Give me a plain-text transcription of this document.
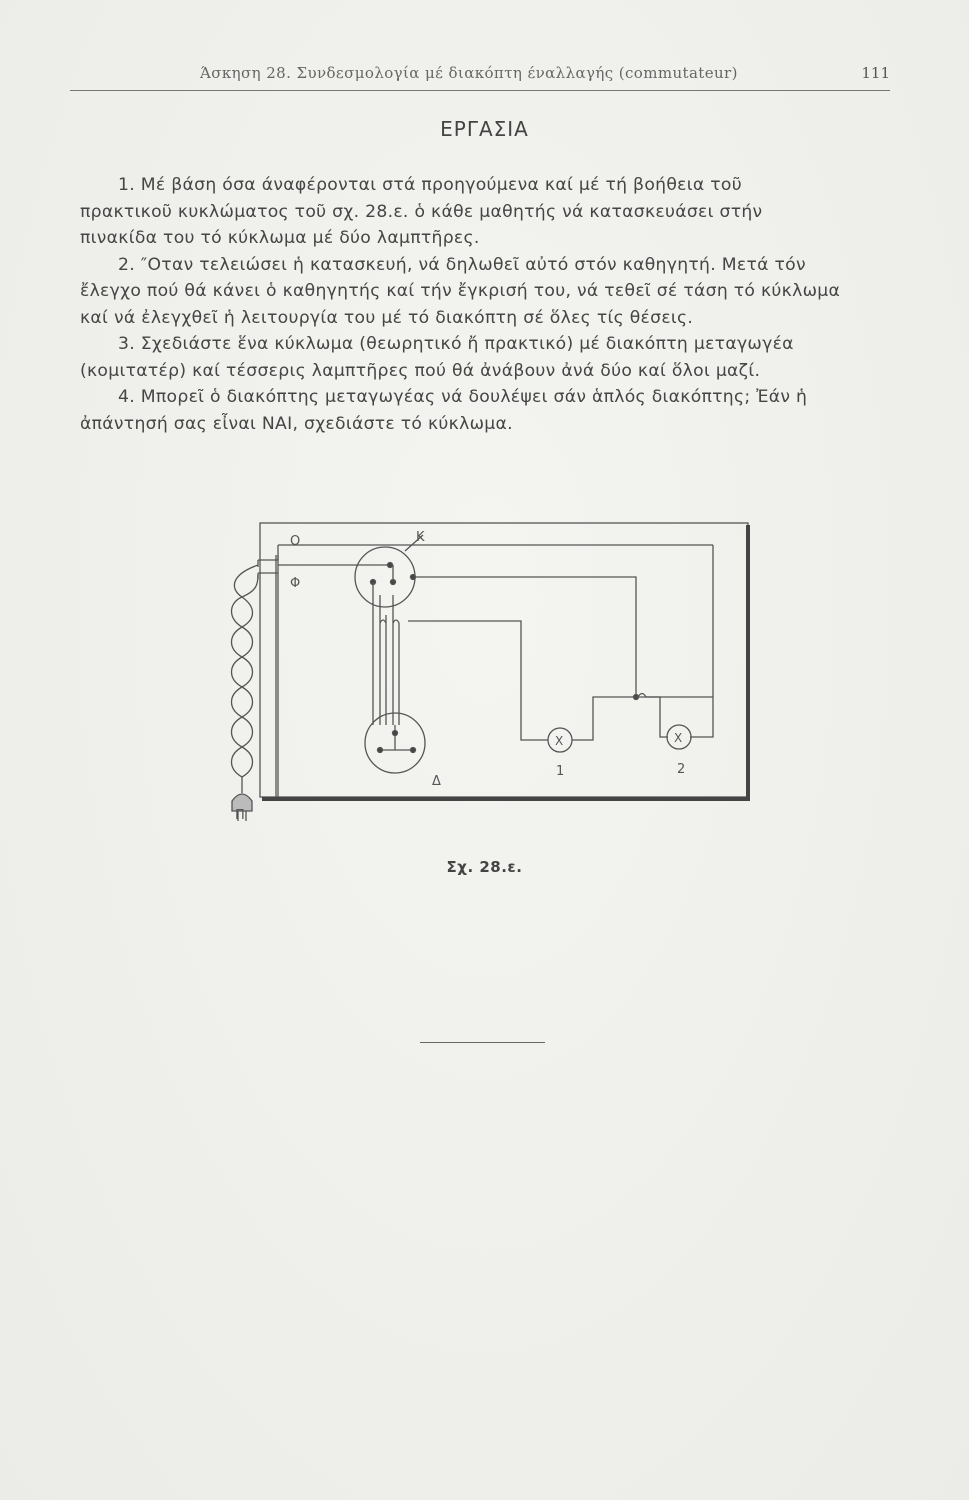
Άσκηση 28. Συνδεσμολογία μέ διακόπτη έναλλαγής (commutateur)	111
ΕΡΓΑΣΙΑ
1. Μέ βάση όσα άναφέρονται στά προηγούμενα καί μέ τή βοήθεια τοῦ
πρακτικοῦ κυκλώματος τοῦ σχ. 28.ε. ὁ κάθε μαθητής νά κατασκευάσει στήν
πινακίδα του τό κύκλωμα μέ δύο λαμπτῆρες.
2. ″Οταν τελειώσει ἡ κατασκευή, νά δηλωθεῖ αὐτό στόν καθηγητή. Μετά τόν
ἔλεγχο πού θά κάνει ὁ καθηγητής καί τήν ἔγκρισή του, νά τεθεῖ σέ τάση τό κύκλωμα
καί νά ἐλεγχθεῖ ἡ λειτουργία του μέ τό διακόπτη σέ ὅλες τίς θέσεις.
3. Σχεδιάστε ἕνα κύκλωμα (θεωρητικό ἤ πρακτικό) μέ διακόπτη μεταγωγέα
(κομιτατέρ) καί τέσσερις λαμπτῆρες πού θά ἀνάβουν ἀνά δύο καί ὅλοι μαζί.
4. Μπορεῖ ὁ διακόπτης μεταγωγέας νά δουλέψει σάν ἁπλός διακόπτης; Ἐάν ἡ
ἀπάντησή σας εἶναι ΝΑΙ, σχεδιάστε τό κύκλωμα.
Π
Ο
Φ
Κ
Δ
X
1
X
2
Σχ. 28.ε.
